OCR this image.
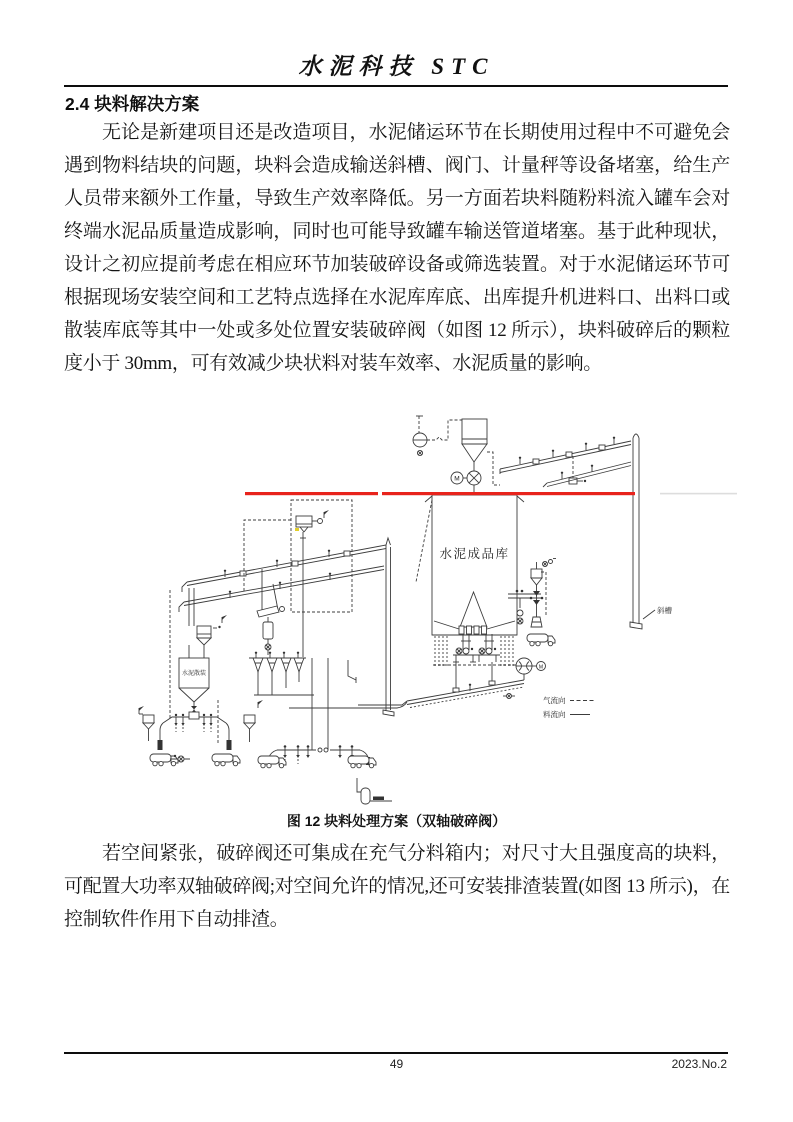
水泥科技 STC
2.4 块料解决方案
无论是新建项目还是改造项目，水泥储运环节在长期使用过程中不可避免会遇到物料结块的问题，块料会造成输送斜槽、阀门、计量秤等设备堵塞，给生产人员带来额外工作量，导致生产效率降低。另一方面若块料随粉料流入罐车会对终端水泥品质量造成影响，同时也可能导致罐车输送管道堵塞。基于此种现状，设计之初应提前考虑在相应环节加装破碎设备或筛选装置。对于水泥储运环节可根据现场安装空间和工艺特点选择在水泥库库底、出库提升机进料口、出料口或散装库底等其中一处或多处位置安装破碎阀（如图 12 所示），块料破碎后的颗粒度小于 30mm，可有效减少块状料对装车效率、水泥质量的影响。
M
斜槽
水泥成品库
M
水泥散装
气流向
料流向
图 12 块料处理方案（双轴破碎阀）
若空间紧张，破碎阀还可集成在充气分料箱内；对尺寸大且强度高的块料，可配置大功率双轴破碎阀;对空间允许的情况,还可安装排渣装置(如图 13 所示)，在控制软件作用下自动排渣。
49	2023.No.2
